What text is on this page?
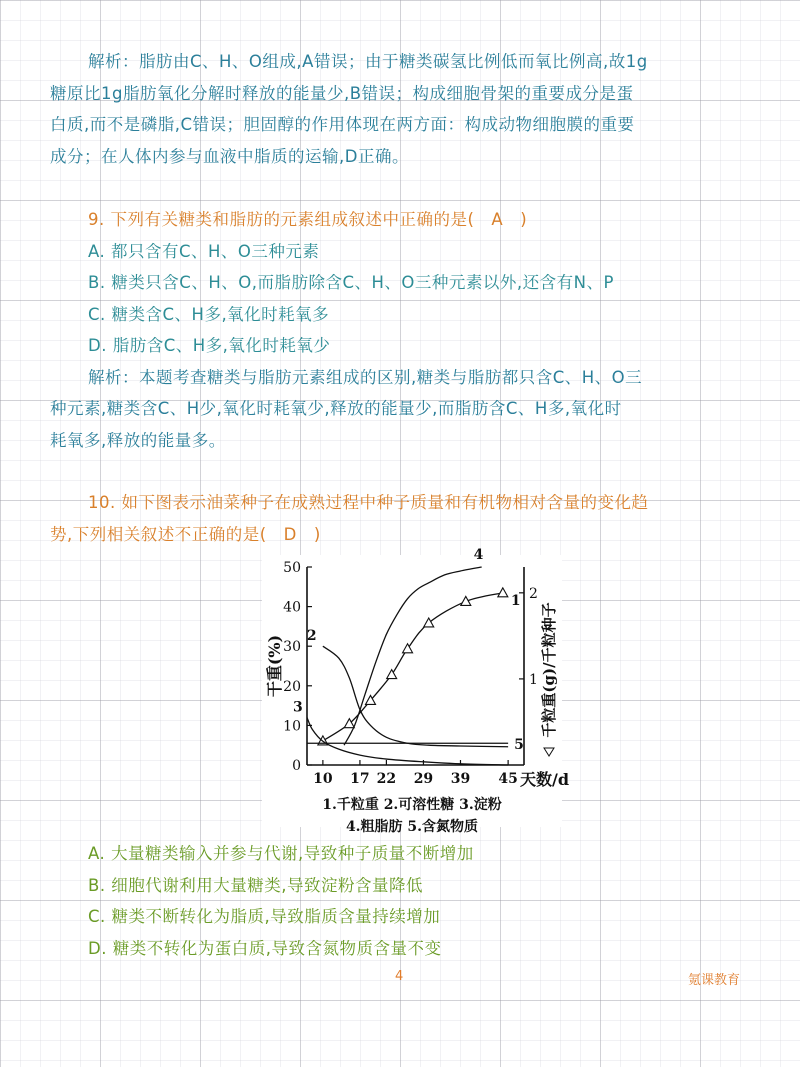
解析：脂肪由C、H、O组成,A错误；由于糖类碳氢比例低而氧比例高,故1g

糖原比1g脂肪氧化分解时释放的能量少,B错误；构成细胞骨架的重要成分是蛋

白质,而不是磷脂,C错误；胆固醇的作用体现在两方面：构成动物细胞膜的重要

成分；在人体内参与血液中脂质的运输,D正确。

9. 下列有关糖类和脂肪的元素组成叙述中正确的是(　A　)

A. 都只含有C、H、O三种元素

B. 糖类只含C、H、O,而脂肪除含C、H、O三种元素以外,还含有N、P

C. 糖类含C、H多,氧化时耗氧多

D. 脂肪含C、H多,氧化时耗氧少

解析：本题考查糖类与脂肪元素组成的区别,糖类与脂肪都只含C、H、O三

种元素,糖类含C、H少,氧化时耗氧少,释放的能量少,而脂肪含C、H多,氧化时

耗氧多,释放的能量多。

10. 如下图表示油菜种子在成熟过程中种子质量和有机物相对含量的变化趋

势,下列相关叙述不正确的是(　D　)

0
10
20
30
40
50
1
2
10 17 22 29 39 45 天数/d
干重(%)	千粒重(g)/千粒种子
1
2
3
4
5
1.千粒重 2.可溶性糖 3.淀粉
4.粗脂肪 5.含氮物质

A. 大量糖类输入并参与代谢,导致种子质量不断增加

B. 细胞代谢利用大量糖类,导致淀粉含量降低

C. 糖类不断转化为脂质,导致脂质含量持续增加

D. 糖类不转化为蛋白质,导致含氮物质含量不变

4	氪课教育
